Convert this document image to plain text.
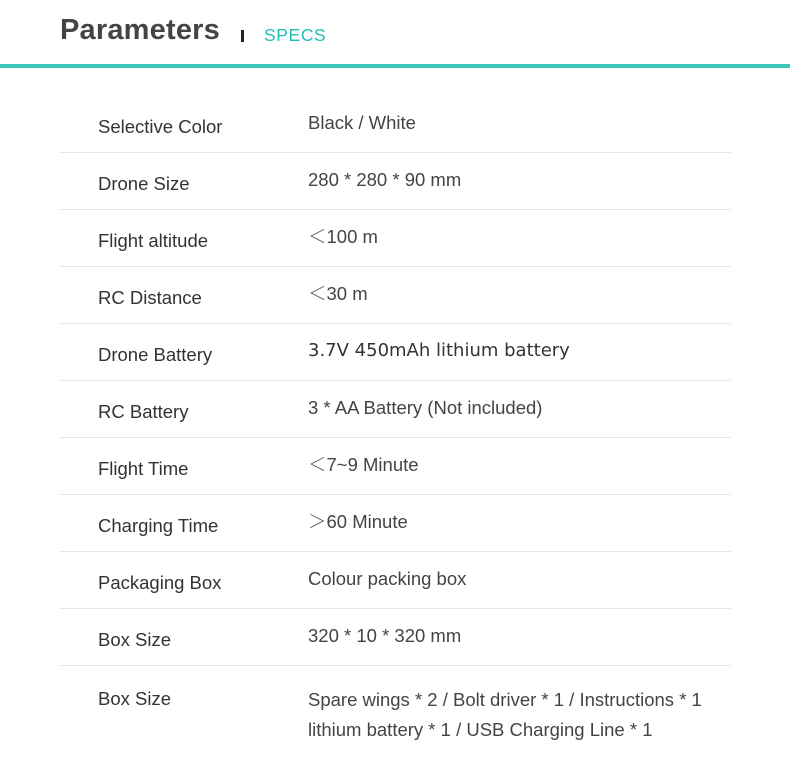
Parameters	SPECS
Selective Color	Black / White
Drone Size	280 * 280 * 90 mm
Flight altitude	＜100 m
RC Distance	＜30 m
Drone Battery	3.7V 450mAh lithium battery
RC Battery	3 * AA Battery (Not included)
Flight Time	＜7~9 Minute
Charging Time	＞60 Minute
Packaging Box	Colour packing box
Box Size	320 * 10 * 320 mm
Box Size	Spare wings * 2 / Bolt driver * 1 / Instructions * 1 lithium battery * 1 / USB Charging Line * 1
